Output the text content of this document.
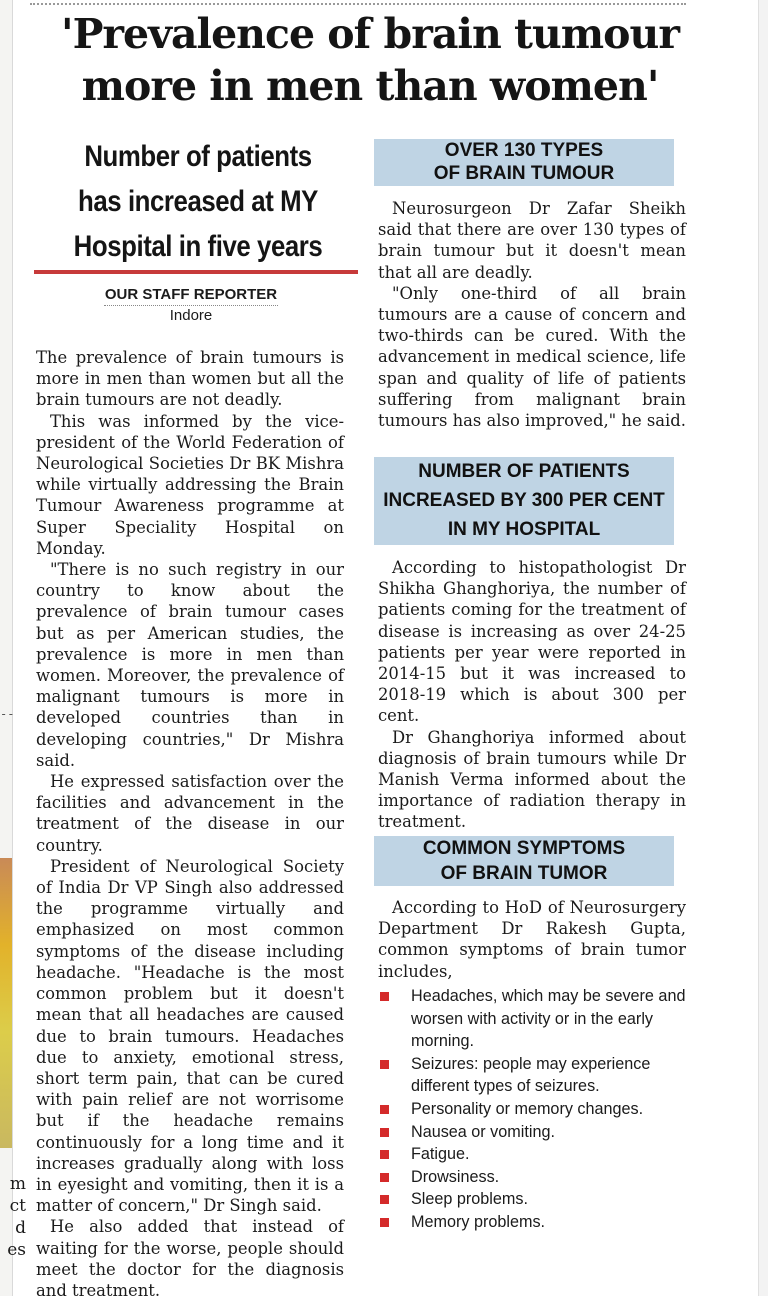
--
m
ct
d
es
'Prevalence of brain tumour
more in men than women'
Number of patients
has increased at MY
Hospital in five years
OUR STAFF REPORTER
Indore

The prevalence of brain tumours is more in men than women but all the brain tumours are not deadly.

This was informed by the vice-president of the World Federation of Neurological Societies Dr BK Mishra while virtually addressing the Brain Tumour Awareness programme at Super Speciality Hospital on Monday.

"There is no such registry in our country to know about the prevalence of brain tumour cases but as per American studies, the prevalence is more in men than women. Moreover, the prevalence of malignant tumours is more in developed countries than in developing countries," Dr Mishra said.

He expressed satisfaction over the facilities and advancement in the treatment of the disease in our country.

President of Neurological Society of India Dr VP Singh also addressed the programme virtually and emphasized on most common symptoms of the disease including headache. "Headache is the most common problem but it doesn't mean that all headaches are caused due to brain tumours. Headaches due to anxiety, emotional stress, short term pain, that can be cured with pain relief are not worrisome but if the headache remains continuously for a long time and it increases gradually along with loss in eyesight and vomiting, then it is a matter of concern," Dr Singh said.

He also added that instead of waiting for the worse, people should meet the doctor for the diagnosis and treatment.

OVER 130 TYPES
OF BRAIN TUMOUR

Neurosurgeon Dr Zafar Sheikh said that there are over 130 types of brain tumour but it doesn't mean that all are deadly.

"Only one-third of all brain tumours are a cause of concern and two-thirds can be cured. With the advancement in medical science, life span and quality of life of patients suffering from malignant brain tumours has also improved," he said.

NUMBER OF PATIENTS
INCREASED BY 300 PER CENT
IN MY HOSPITAL

According to histopathologist Dr Shikha Ghanghoriya, the number of patients coming for the treatment of disease is increasing as over 24-25 patients per year were reported in 2014-15 but it was increased to 2018-19 which is about 300 per cent.

Dr Ghanghoriya informed about diagnosis of brain tumours while Dr Manish Verma informed about the importance of radiation therapy in treatment.

COMMON SYMPTOMS
OF BRAIN TUMOR

According to HoD of Neurosurgery Department Dr Rakesh Gupta, common symptoms of brain tumor includes,

Headaches, which may be severe and worsen with activity or in the early morning.
Seizures: people may experience different types of seizures.
Personality or memory changes.
Nausea or vomiting.
Fatigue.
Drowsiness.
Sleep problems.
Memory problems.
